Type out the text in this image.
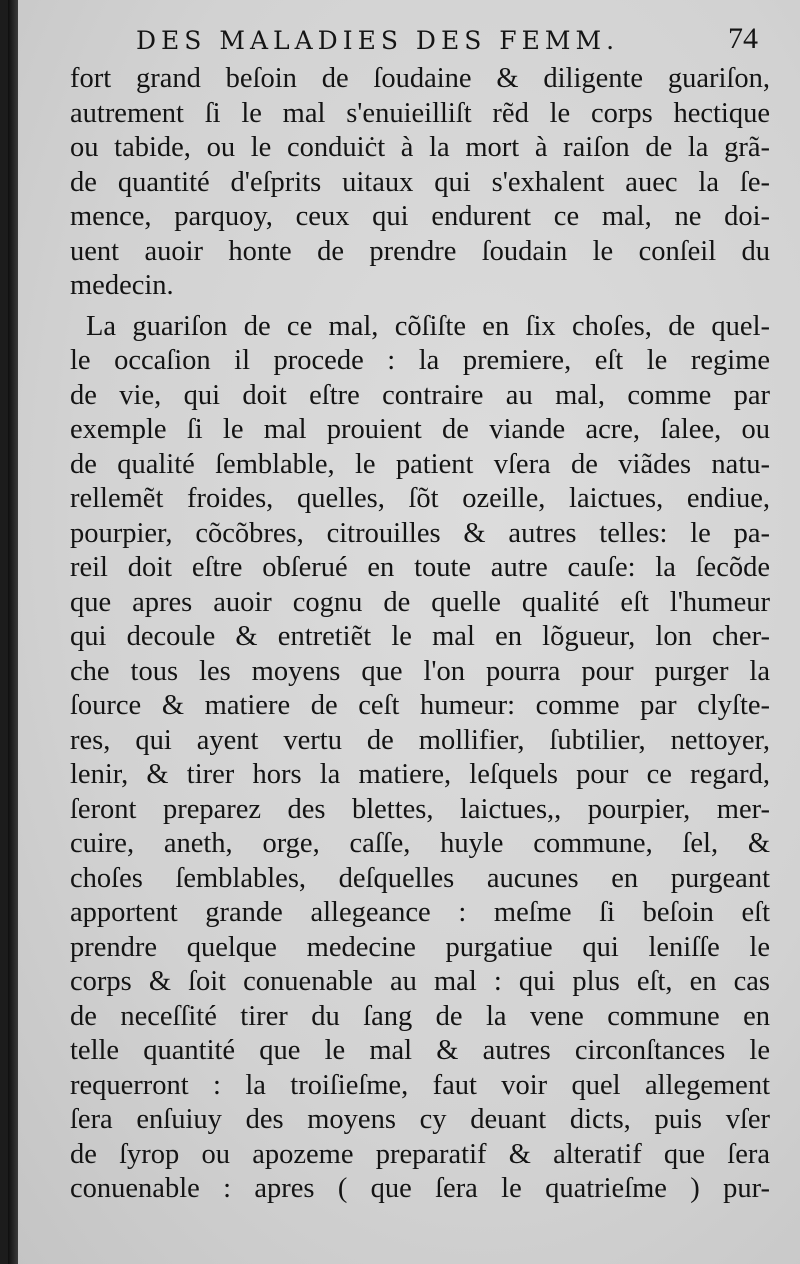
DES MALADIES DES FEMM.	74
fort grand beſoin de ſoudaine & diligente guariſon,
autrement ſi le mal s'enuieilliſt rẽd le corps hectique
ou tabide, ou le conduiċt à la mort à raiſon de la grã-
de quantité d'eſprits uitaux qui s'exhalent auec la ſe-
mence, parquoy, ceux qui endurent ce mal, ne doi-
uent auoir honte de prendre ſoudain le conſeil du
medecin.
La guariſon de ce mal, cõſiſte en ſix choſes, de quel-
le occaſion il procede : la premiere, eſt le regime
de vie, qui doit eſtre contraire au mal, comme par
exemple ſi le mal prouient de viande acre, ſalee, ou
de qualité ſemblable, le patient vſera de viãdes natu-
rellemẽt froides, quelles, ſõt ozeille, laictues, endiue,
pourpier, cõcõbres, citrouilles & autres telles: le pa-
reil doit eſtre obſerué en toute autre cauſe: la ſecõde
que apres auoir cognu de quelle qualité eſt l'humeur
qui decoule & entretiẽt le mal en lõgueur, lon cher-
che tous les moyens que l'on pourra pour purger la
ſource & matiere de ceſt humeur: comme par clyſte-
res, qui ayent vertu de mollifier, ſubtilier, nettoyer,
lenir, & tirer hors la matiere, leſquels pour ce regard,
ſeront preparez des blettes, laictues,, pourpier, mer-
cuire, aneth, orge, caſſe, huyle commune, ſel, &
choſes ſemblables, deſquelles aucunes en purgeant
apportent grande allegeance : meſme ſi beſoin eſt
prendre quelque medecine purgatiue qui leniſſe le
corps & ſoit conuenable au mal : qui plus eſt, en cas
de neceſſité tirer du ſang de la vene commune en
telle quantité que le mal & autres circonſtances le
requerront : la troiſieſme, faut voir quel allegement
ſera enſuiuy des moyens cy deuant dicts, puis vſer
de ſyrop ou apozeme preparatif & alteratif que ſera
conuenable : apres ( que ſera le quatrieſme ) pur-
